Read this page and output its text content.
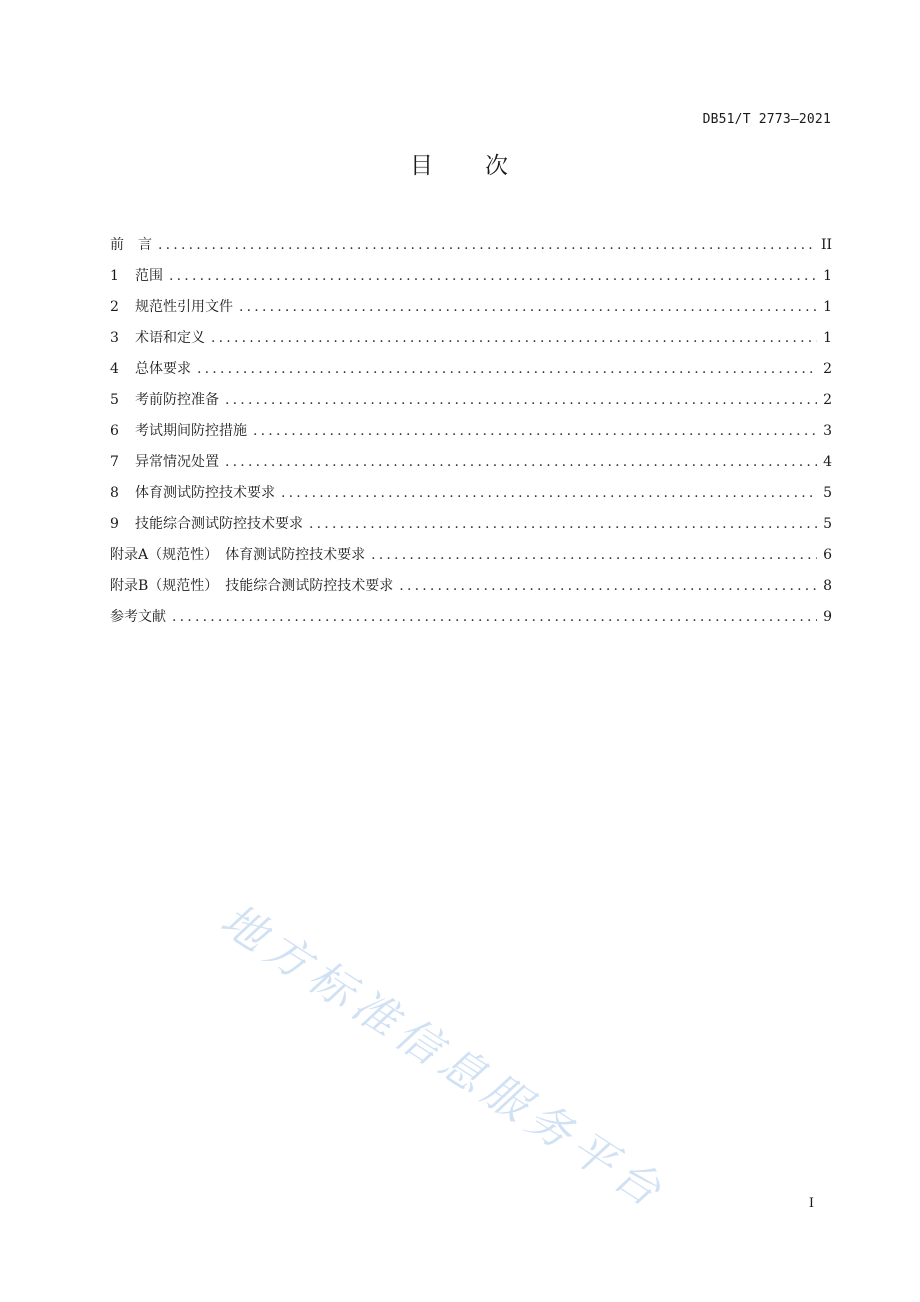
DB51/T 2773—2021
目 次
前　言 .....	II
1	范围 .....	1
2	规范性引用文件 .....	1
3	术语和定义 .....	1
4	总体要求 .....	2
5	考前防控准备 .....	2
6	考试期间防控措施 .....	3
7	异常情况处置 .....	4
8	体育测试防控技术要求 .....	5
9	技能综合测试防控技术要求 .....	5
附录A（规范性）　体育测试防控技术要求 .....	6
附录B（规范性）　技能综合测试防控技术要求 .....	8
参考文献 .....	9
地方标准信息服务平台	I
